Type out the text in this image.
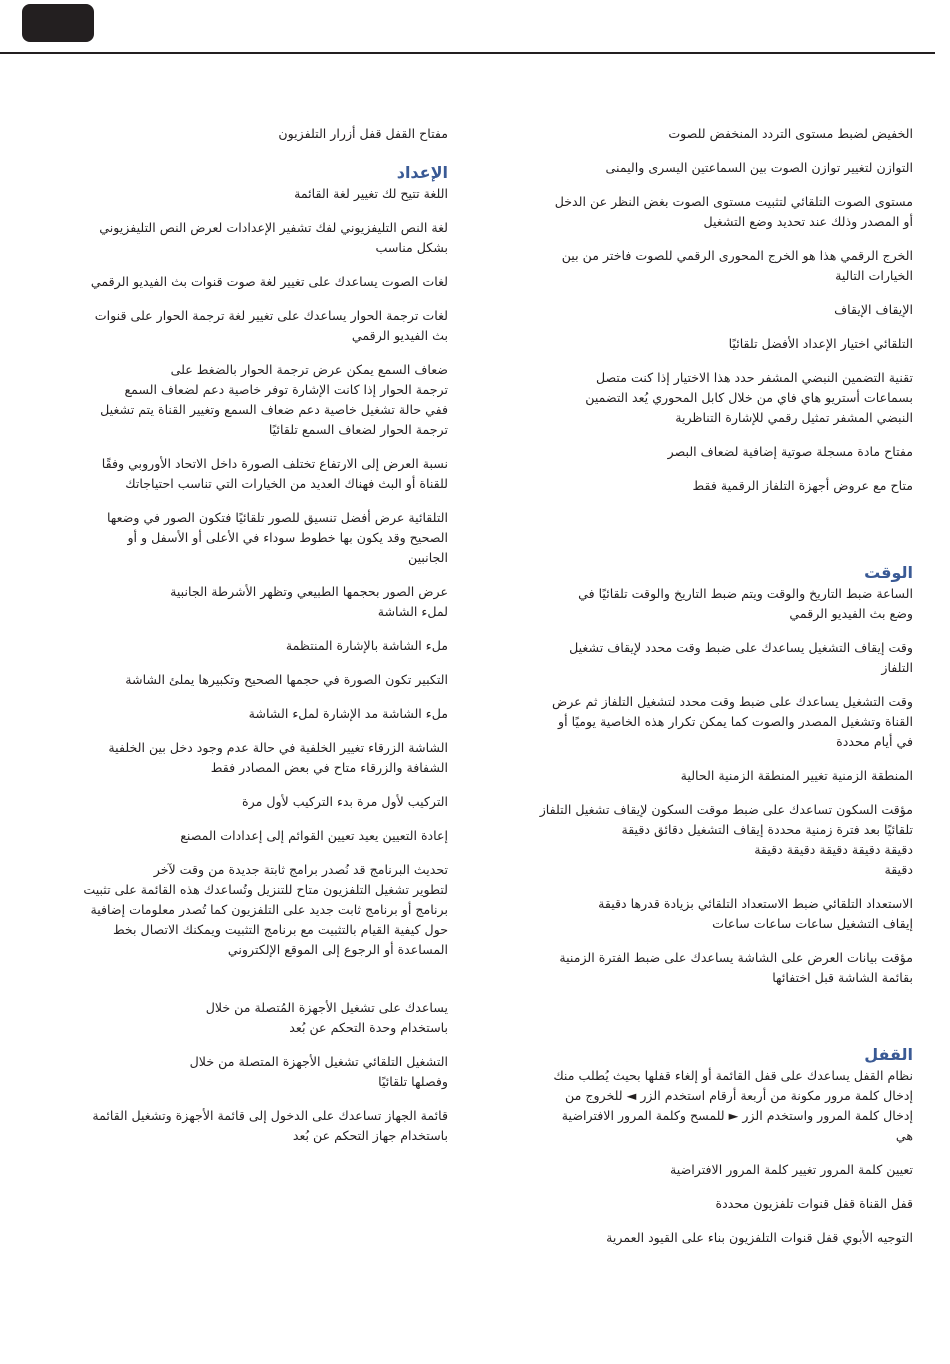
الخفيض لضبط مستوى التردد المنخفض للصوت

التوازن لتغيير توازن الصوت بين السماعتين اليسرى واليمنى

مستوى الصوت التلقائي لتثبيت مستوى الصوت بغض النظر عن الدخل
أو المصدر وذلك عند تحديد وضع التشغيل

الخرج الرقمي هذا هو الخرج المحورى الرقمي للصوت فاختر من بين
الخيارات التالية

الإيقاف الإيقاف

التلقائي اختيار الإعداد الأفضل تلقائيًا

تقنية التضمين النبضي المشفر حدد هذا الاختيار إذا كنت متصل
بسماعات أستريو هاي فاي من خلال كابل المحوري يُعد التضمين
النبضي المشفر تمثيل رقمي للإشارة التناظرية

مفتاح مادة مسجلة صوتية إضافية لضعاف البصر

متاح مع عروض أجهزة التلفاز الرقمية فقط

الوقت

الساعة ضبط التاريخ والوقت ويتم ضبط التاريخ والوقت تلقائيًا في
وضع بث الفيديو الرقمي

وقت إيقاف التشغيل يساعدك على ضبط وقت محدد لإيقاف تشغيل
التلفاز

وقت التشغيل يساعدك على ضبط وقت محدد لتشغيل التلفاز ثم عرض
القناة وتشغيل المصدر والصوت كما يمكن تكرار هذه الخاصية يوميًا أو
في أيام محددة

المنطقة الزمنية تغيير المنطقة الزمنية الحالية

مؤقت السكون تساعدك على ضبط موقت السكون لإيقاف تشغيل التلفاز
تلقائيًا بعد فترة زمنية محددة إيقاف التشغيل دقائق دقيقة
دقيقة دقيقة دقيقة دقيقة دقيقة
دقيقة

الاستعداد التلقائي ضبط الاستعداد التلقائي بزيادة قدرها دقيقة
إيقاف التشغيل ساعات ساعات ساعات

مؤقت بيانات العرض على الشاشة يساعدك على ضبط الفترة الزمنية
بقائمة الشاشة قبل اختفائها

القفل

نظام القفل يساعدك على قفل القائمة أو إلغاء قفلها بحيث يُطلب منك
إدخال كلمة مرور مكونة من أربعة أرقام استخدم الزر ◄ للخروج من
إدخال كلمة المرور واستخدم الزر ► للمسح وكلمة المرور الافتراضية
هي

تعيين كلمة المرور تغيير كلمة المرور الافتراضية

قفل القناة قفل قنوات تلفزيون محددة

التوجيه الأبوي قفل قنوات التلفزيون بناء على القيود العمرية

مفتاح القفل قفل أزرار التلفزيون

الإعداد

اللغة تتيح لك تغيير لغة القائمة

لغة النص التليفزيوني لفك تشفير الإعدادات لعرض النص التليفزيوني
بشكل مناسب

لغات الصوت يساعدك على تغيير لغة صوت قنوات بث الفيديو الرقمي

لغات ترجمة الحوار يساعدك على تغيير لغة ترجمة الحوار على قنوات
بث الفيديو الرقمي

ضعاف السمع يمكن عرض ترجمة الحوار بالضغط على
ترجمة الحوار إذا كانت الإشارة توفر خاصية دعم لضعاف السمع
ففي حالة تشغيل خاصية دعم ضعاف السمع وتغيير القناة يتم تشغيل
ترجمة الحوار لضعاف السمع تلقائيًا

نسبة العرض إلى الارتفاع تختلف الصورة داخل الاتحاد الأوروبي وفقًا
للقناة أو البث فهناك العديد من الخيارات التي تناسب احتياجاتك

التلقائية عرض أفضل تنسيق للصور تلقائيًا فتكون الصور في وضعها
الصحيح وقد يكون بها خطوط سوداء في الأعلى أو الأسفل و أو
الجانبين

عرض الصور بحجمها الطبيعي وتظهر الأشرطة الجانبية
لملء الشاشة

ملء الشاشة بالإشارة المنتظمة

التكبير تكون الصورة في حجمها الصحيح وتكبيرها يملئ الشاشة

ملء الشاشة مد الإشارة لملء الشاشة

الشاشة الزرقاء تغيير الخلفية في حالة عدم وجود دخل بين الخلفية
الشفافة والزرقاء متاح في بعض المصادر فقط

التركيب لأول مرة بدء التركيب لأول مرة

إعادة التعيين يعيد تعيين القوائم إلى إعدادات المصنع

تحديث البرنامج قد نُصدر برامج ثابتة جديدة من وقت لآخر
لتطوير تشغيل التلفزيون متاح للتنزيل وتُساعدك هذه القائمة على تثبيت
برنامج أو برنامج ثابت جديد على التلفزيون كما تُصدر معلومات إضافية
حول كيفية القيام بالتثبيت مع برنامج التثبيت ويمكنك الاتصال بخط
المساعدة أو الرجوع إلى الموقع الإلكتروني

يساعدك على تشغيل الأجهزة المُتصلة من خلال
باستخدام وحدة التحكم عن بُعد

التشغيل التلقائي تشغيل الأجهزة المتصلة من خلال
وفصلها تلقائيًا

قائمة الجهاز تساعدك على الدخول إلى قائمة الأجهزة وتشغيل القائمة
باستخدام جهاز التحكم عن بُعد
